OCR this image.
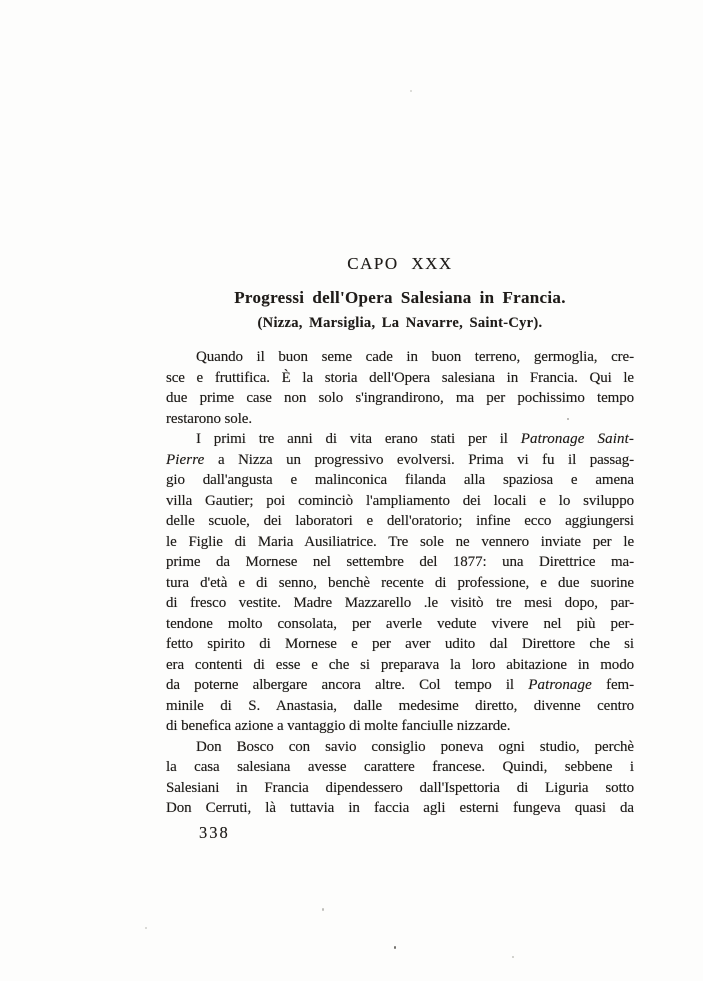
CAPO XXX
Progressi dell'Opera Salesiana in Francia.
(Nizza, Marsiglia, La Navarre, Saint-Cyr).
Quando il buon seme cade in buon terreno, germoglia, cre-
sce e fruttifica. È la storia dell'Opera salesiana in Francia. Qui le
due prime case non solo s'ingrandirono, ma per pochissimo tempo
restarono sole.
I primi tre anni di vita erano stati per il Patronage Saint-
Pierre a Nizza un progressivo evolversi. Prima vi fu il passag-
gio dall'angusta e malinconica filanda alla spaziosa e amena
villa Gautier; poi cominciò l'ampliamento dei locali e lo sviluppo
delle scuole, dei laboratori e dell'oratorio; infine ecco aggiungersi
le Figlie di Maria Ausiliatrice. Tre sole ne vennero inviate per le
prime da Mornese nel settembre del 1877: una Direttrice ma-
tura d'età e di senno, benchè recente di professione, e due suorine
di fresco vestite. Madre Mazzarello .le visitò tre mesi dopo, par-
tendone molto consolata, per averle vedute vivere nel più per-
fetto spirito di Mornese e per aver udito dal Direttore che si
era contenti di esse e che si preparava la loro abitazione in modo
da poterne albergare ancora altre. Col tempo il Patronage fem-
minile di S. Anastasia, dalle medesime diretto, divenne centro
di benefica azione a vantaggio di molte fanciulle nizzarde.
Don Bosco con savio consiglio poneva ogni studio, perchè
la casa salesiana avesse carattere francese. Quindi, sebbene i
Salesiani in Francia dipendessero dall'Ispettoria di Liguria sotto
Don Cerruti, là tuttavia in faccia agli esterni fungeva quasi da
338
